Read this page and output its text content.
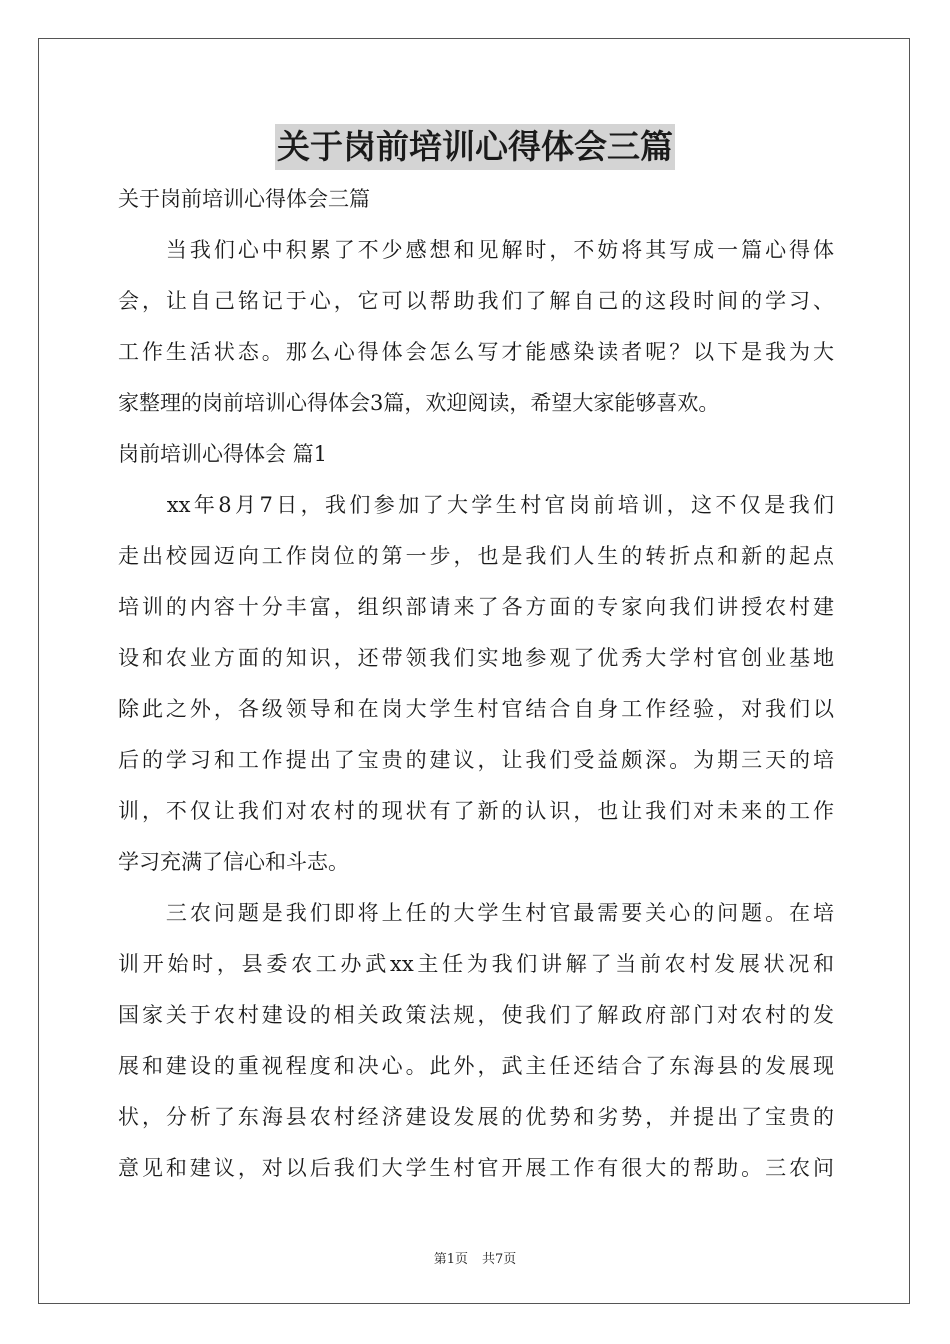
关于岗前培训心得体会三篇
关于岗前培训心得体会三篇
　　当我们心中积累了不少感想和见解时，不妨将其写成一篇心得体
会，让自己铭记于心，它可以帮助我们了解自己的这段时间的学习、
工作生活状态。那么心得体会怎么写才能感染读者呢？以下是我为大
家整理的岗前培训心得体会3篇，欢迎阅读，希望大家能够喜欢。
岗前培训心得体会 篇1
　　xx年8月7日，我们参加了大学生村官岗前培训，这不仅是我们
走出校园迈向工作岗位的第一步，也是我们人生的转折点和新的起点
培训的内容十分丰富，组织部请来了各方面的专家向我们讲授农村建
设和农业方面的知识，还带领我们实地参观了优秀大学村官创业基地
除此之外，各级领导和在岗大学生村官结合自身工作经验，对我们以
后的学习和工作提出了宝贵的建议，让我们受益颇深。为期三天的培
训，不仅让我们对农村的现状有了新的认识，也让我们对未来的工作
学习充满了信心和斗志。
　　三农问题是我们即将上任的大学生村官最需要关心的问题。在培
训开始时，县委农工办武xx主任为我们讲解了当前农村发展状况和
国家关于农村建设的相关政策法规，使我们了解政府部门对农村的发
展和建设的重视程度和决心。此外，武主任还结合了东海县的发展现
状，分析了东海县农村经济建设发展的优势和劣势，并提出了宝贵的
意见和建议，对以后我们大学生村官开展工作有很大的帮助。三农问
第1页 共7页
